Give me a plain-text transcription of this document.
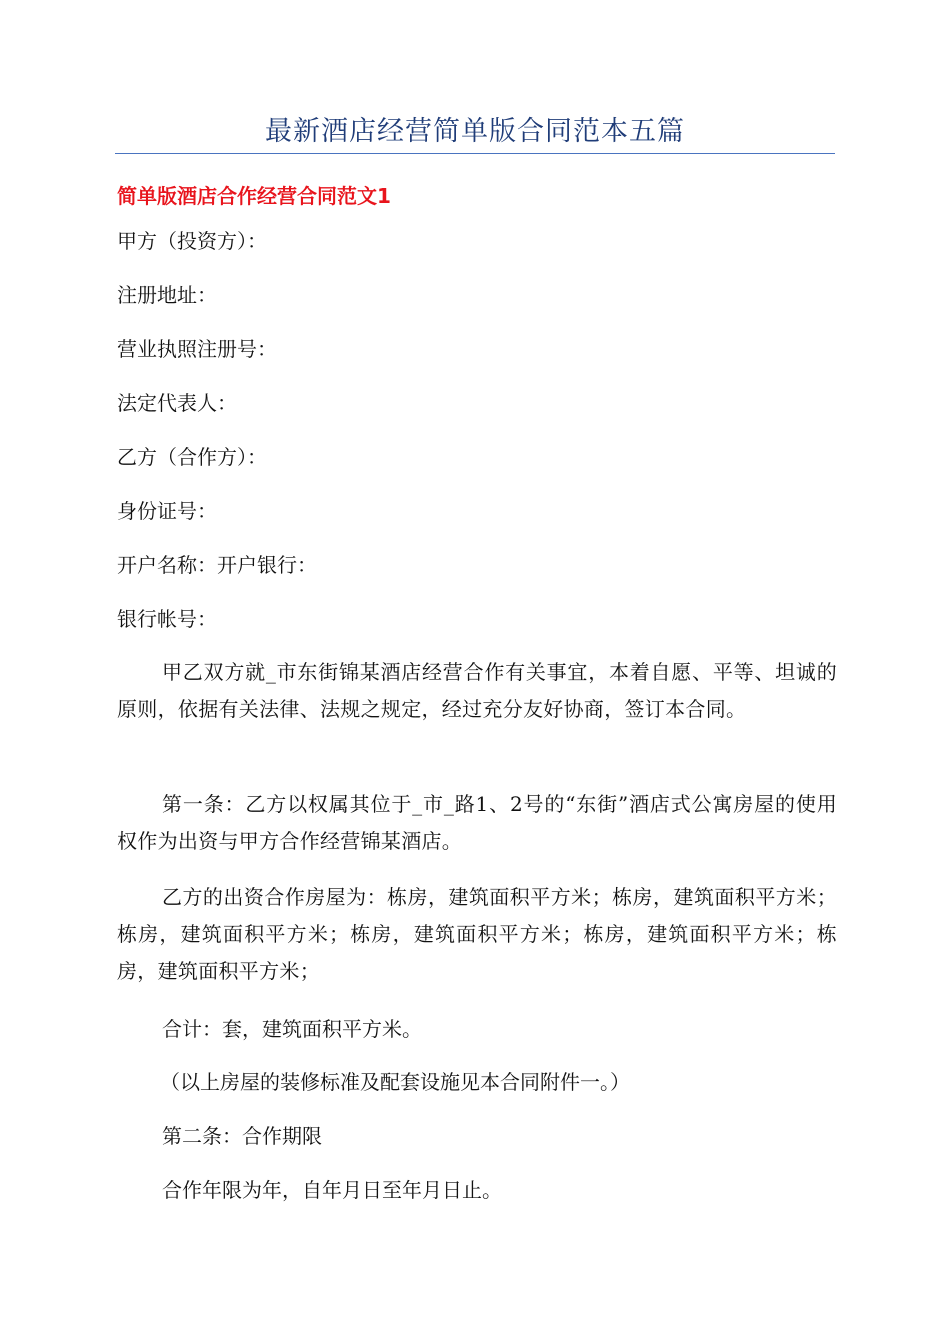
最新酒店经营简单版合同范本五篇
简单版酒店合作经营合同范文1
甲方（投资方）：
注册地址：
营业执照注册号：
法定代表人：
乙方（合作方）：
身份证号：
开户名称：开户银行：
银行帐号：
甲乙双方就_市东街锦某酒店经营合作有关事宜，本着自愿、平等、坦诚的原则，依据有关法律、法规之规定，经过充分友好协商，签订本合同。
第一条：乙方以权属其位于_市_路1、2号的“东街”酒店式公寓房屋的使用权作为出资与甲方合作经营锦某酒店。
乙方的出资合作房屋为：栋房，建筑面积平方米；栋房，建筑面积平方米；栋房，建筑面积平方米；栋房，建筑面积平方米；栋房，建筑面积平方米；栋房，建筑面积平方米；
合计：套，建筑面积平方米。
（以上房屋的装修标准及配套设施见本合同附件一。）
第二条：合作期限
合作年限为年，自年月日至年月日止。
